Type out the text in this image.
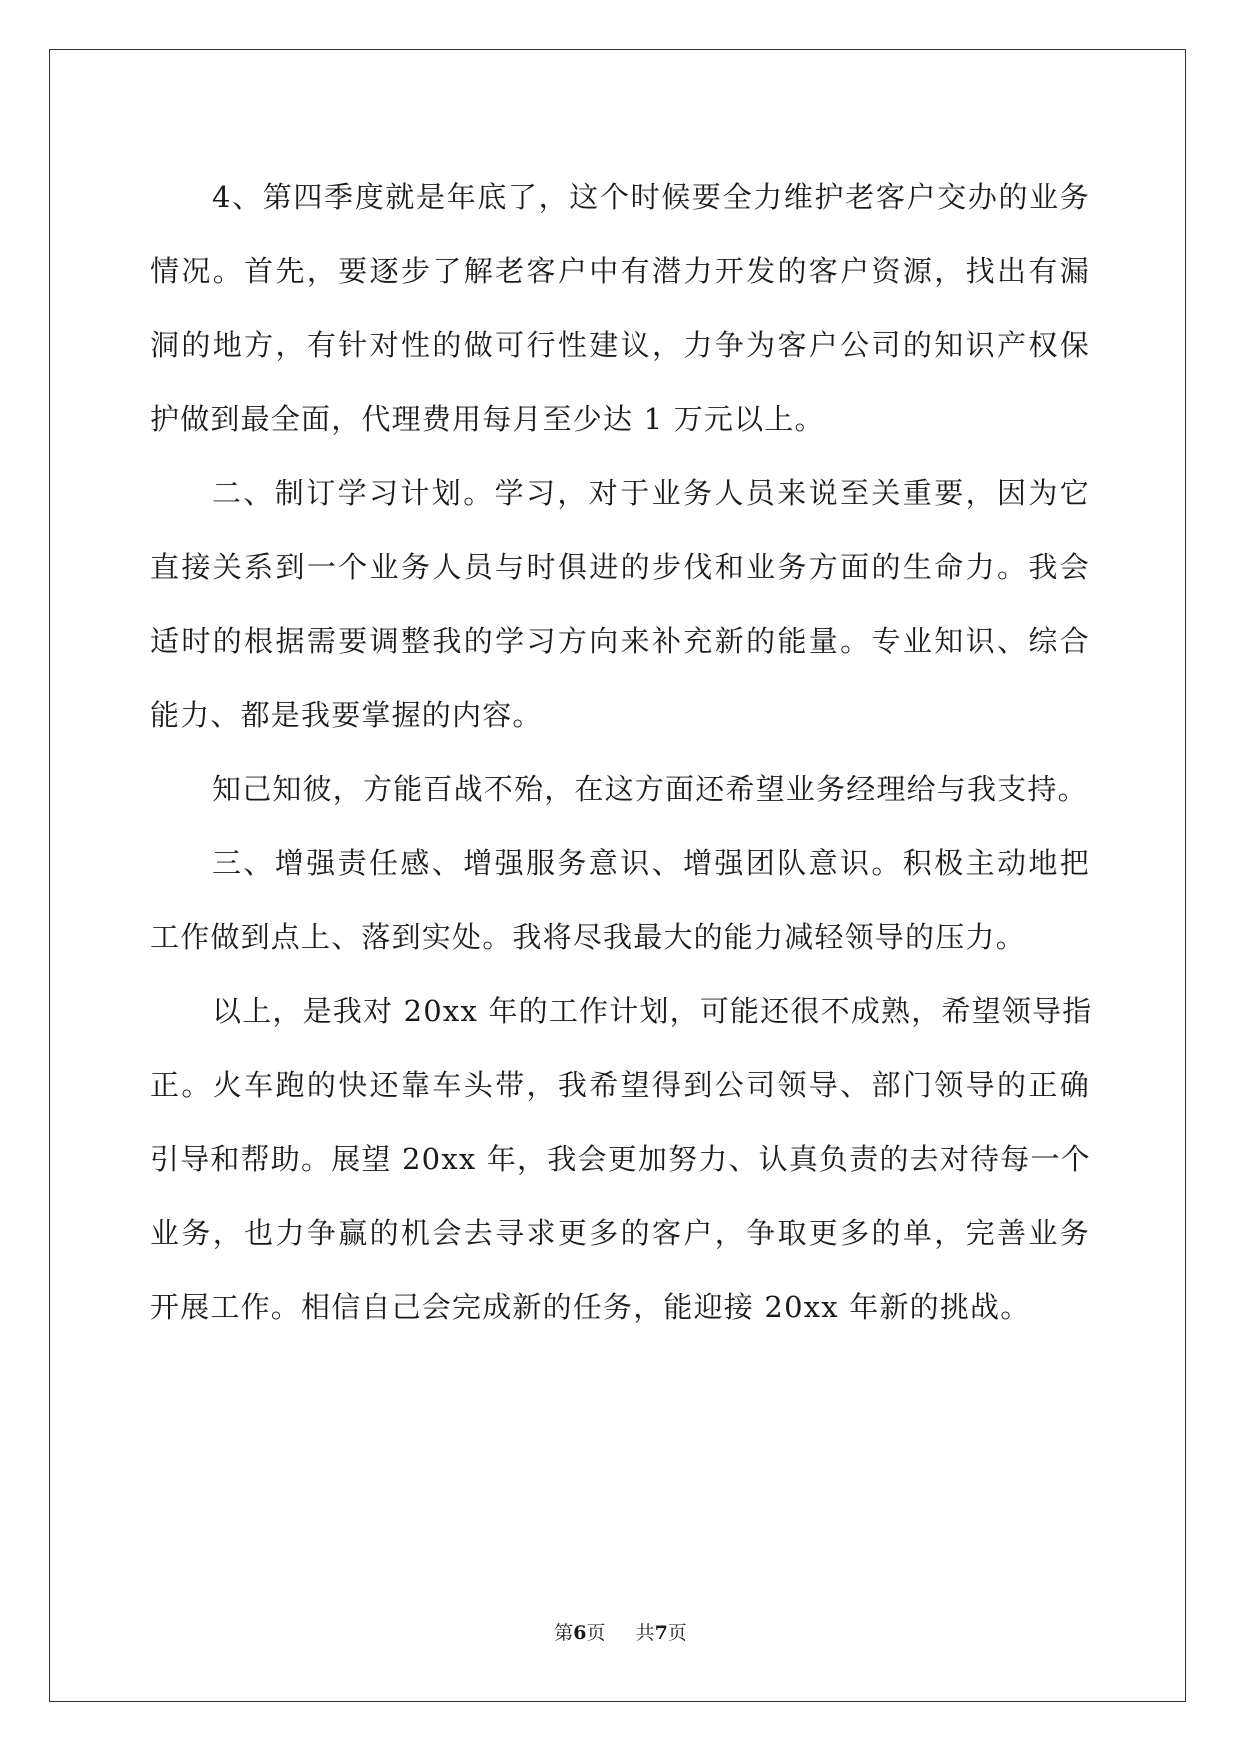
4、第四季度就是年底了，这个时候要全力维护老客户交办的业务
情况。首先，要逐步了解老客户中有潜力开发的客户资源，找出有漏
洞的地方，有针对性的做可行性建议，力争为客户公司的知识产权保
护做到最全面，代理费用每月至少达 1 万元以上。
二、制订学习计划。学习，对于业务人员来说至关重要，因为它
直接关系到一个业务人员与时俱进的步伐和业务方面的生命力。我会
适时的根据需要调整我的学习方向来补充新的能量。专业知识、综合
能力、都是我要掌握的内容。
知己知彼，方能百战不殆，在这方面还希望业务经理给与我支持。
三、增强责任感、增强服务意识、增强团队意识。积极主动地把
工作做到点上、落到实处。我将尽我最大的能力减轻领导的压力。
以上，是我对 20xx 年的工作计划，可能还很不成熟，希望领导指
正。火车跑的快还靠车头带，我希望得到公司领导、部门领导的正确
引导和帮助。展望 20xx 年，我会更加努力、认真负责的去对待每一个
业务，也力争赢的机会去寻求更多的客户，争取更多的单，完善业务
开展工作。相信自己会完成新的任务，能迎接 20xx 年新的挑战。
第6页 共7页
